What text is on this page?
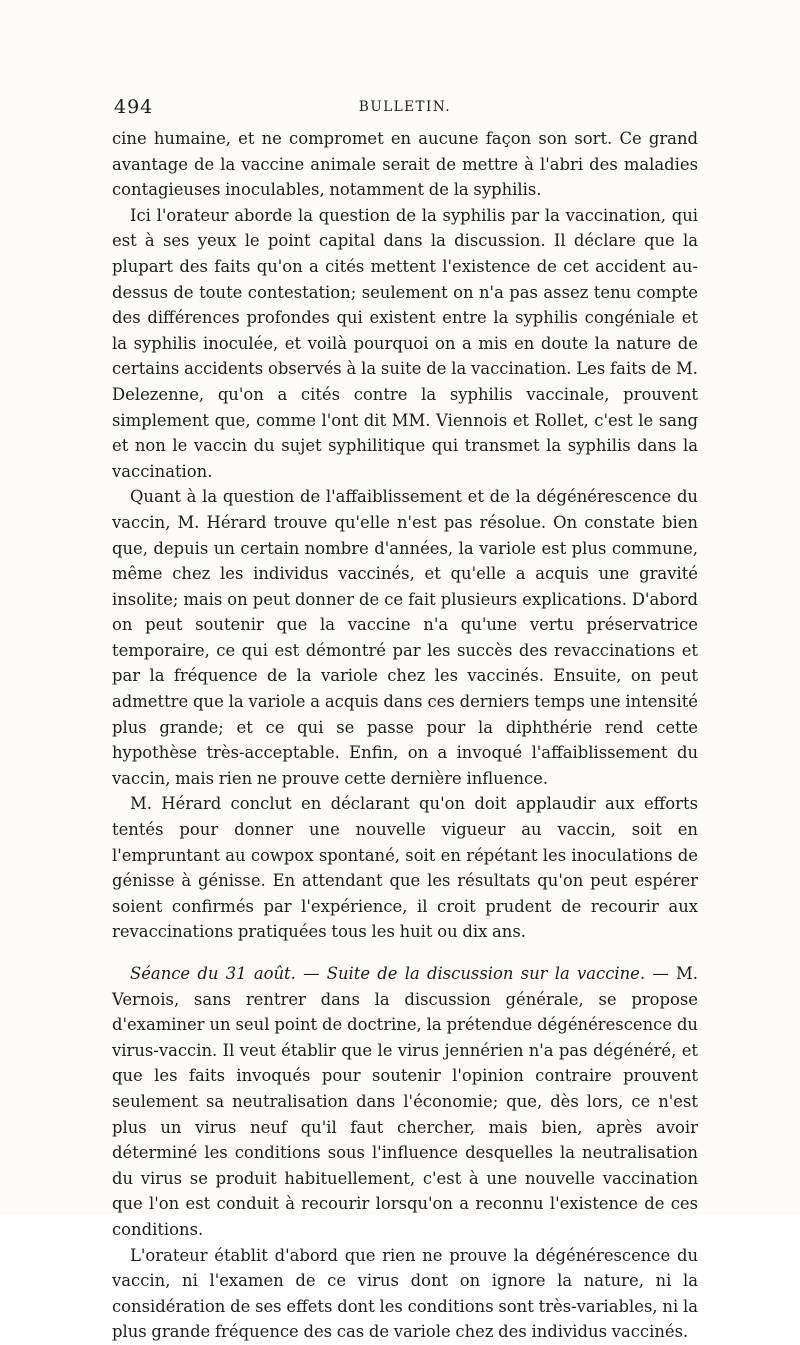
494	BULLETIN.

cine humaine, et ne compromet en aucune façon son sort. Ce grand avantage de la vaccine animale serait de mettre à l'abri des maladies contagieuses inoculables, notamment de la syphilis.

Ici l'orateur aborde la question de la syphilis par la vaccination, qui est à ses yeux le point capital dans la discussion. Il déclare que la plupart des faits qu'on a cités mettent l'existence de cet accident au-dessus de toute contestation; seulement on n'a pas assez tenu compte des différences profondes qui existent entre la syphilis congéniale et la syphilis inoculée, et voilà pourquoi on a mis en doute la nature de certains accidents observés à la suite de la vaccination. Les faits de M. Delezenne, qu'on a cités contre la syphilis vaccinale, prouvent simplement que, comme l'ont dit MM. Viennois et Rollet, c'est le sang et non le vaccin du sujet syphilitique qui transmet la syphilis dans la vaccination.

Quant à la question de l'affaiblissement et de la dégénérescence du vaccin, M. Hérard trouve qu'elle n'est pas résolue. On constate bien que, depuis un certain nombre d'années, la variole est plus commune, même chez les individus vaccinés, et qu'elle a acquis une gravité insolite; mais on peut donner de ce fait plusieurs explications. D'abord on peut soutenir que la vaccine n'a qu'une vertu préservatrice temporaire, ce qui est démontré par les succès des revaccinations et par la fréquence de la variole chez les vaccinés. Ensuite, on peut admettre que la variole a acquis dans ces derniers temps une intensité plus grande; et ce qui se passe pour la diphthérie rend cette hypothèse très-acceptable. Enfin, on a invoqué l'affaiblissement du vaccin, mais rien ne prouve cette dernière influence.

M. Hérard conclut en déclarant qu'on doit applaudir aux efforts tentés pour donner une nouvelle vigueur au vaccin, soit en l'empruntant au cowpox spontané, soit en répétant les inoculations de génisse à génisse. En attendant que les résultats qu'on peut espérer soient confirmés par l'expérience, il croit prudent de recourir aux revaccinations pratiquées tous les huit ou dix ans.

Séance du 31 août. — Suite de la discussion sur la vaccine. — M. Vernois, sans rentrer dans la discussion générale, se propose d'examiner un seul point de doctrine, la prétendue dégénérescence du virus-vaccin. Il veut établir que le virus jennérien n'a pas dégénéré, et que les faits invoqués pour soutenir l'opinion contraire prouvent seulement sa neutralisation dans l'économie; que, dès lors, ce n'est plus un virus neuf qu'il faut chercher, mais bien, après avoir déterminé les conditions sous l'influence desquelles la neutralisation du virus se produit habituellement, c'est à une nouvelle vaccination que l'on est conduit à recourir lorsqu'on a reconnu l'existence de ces conditions.

L'orateur établit d'abord que rien ne prouve la dégénérescence du vaccin, ni l'examen de ce virus dont on ignore la nature, ni la considération de ses effets dont les conditions sont très-variables, ni la plus grande fréquence des cas de variole chez des individus vaccinés.
